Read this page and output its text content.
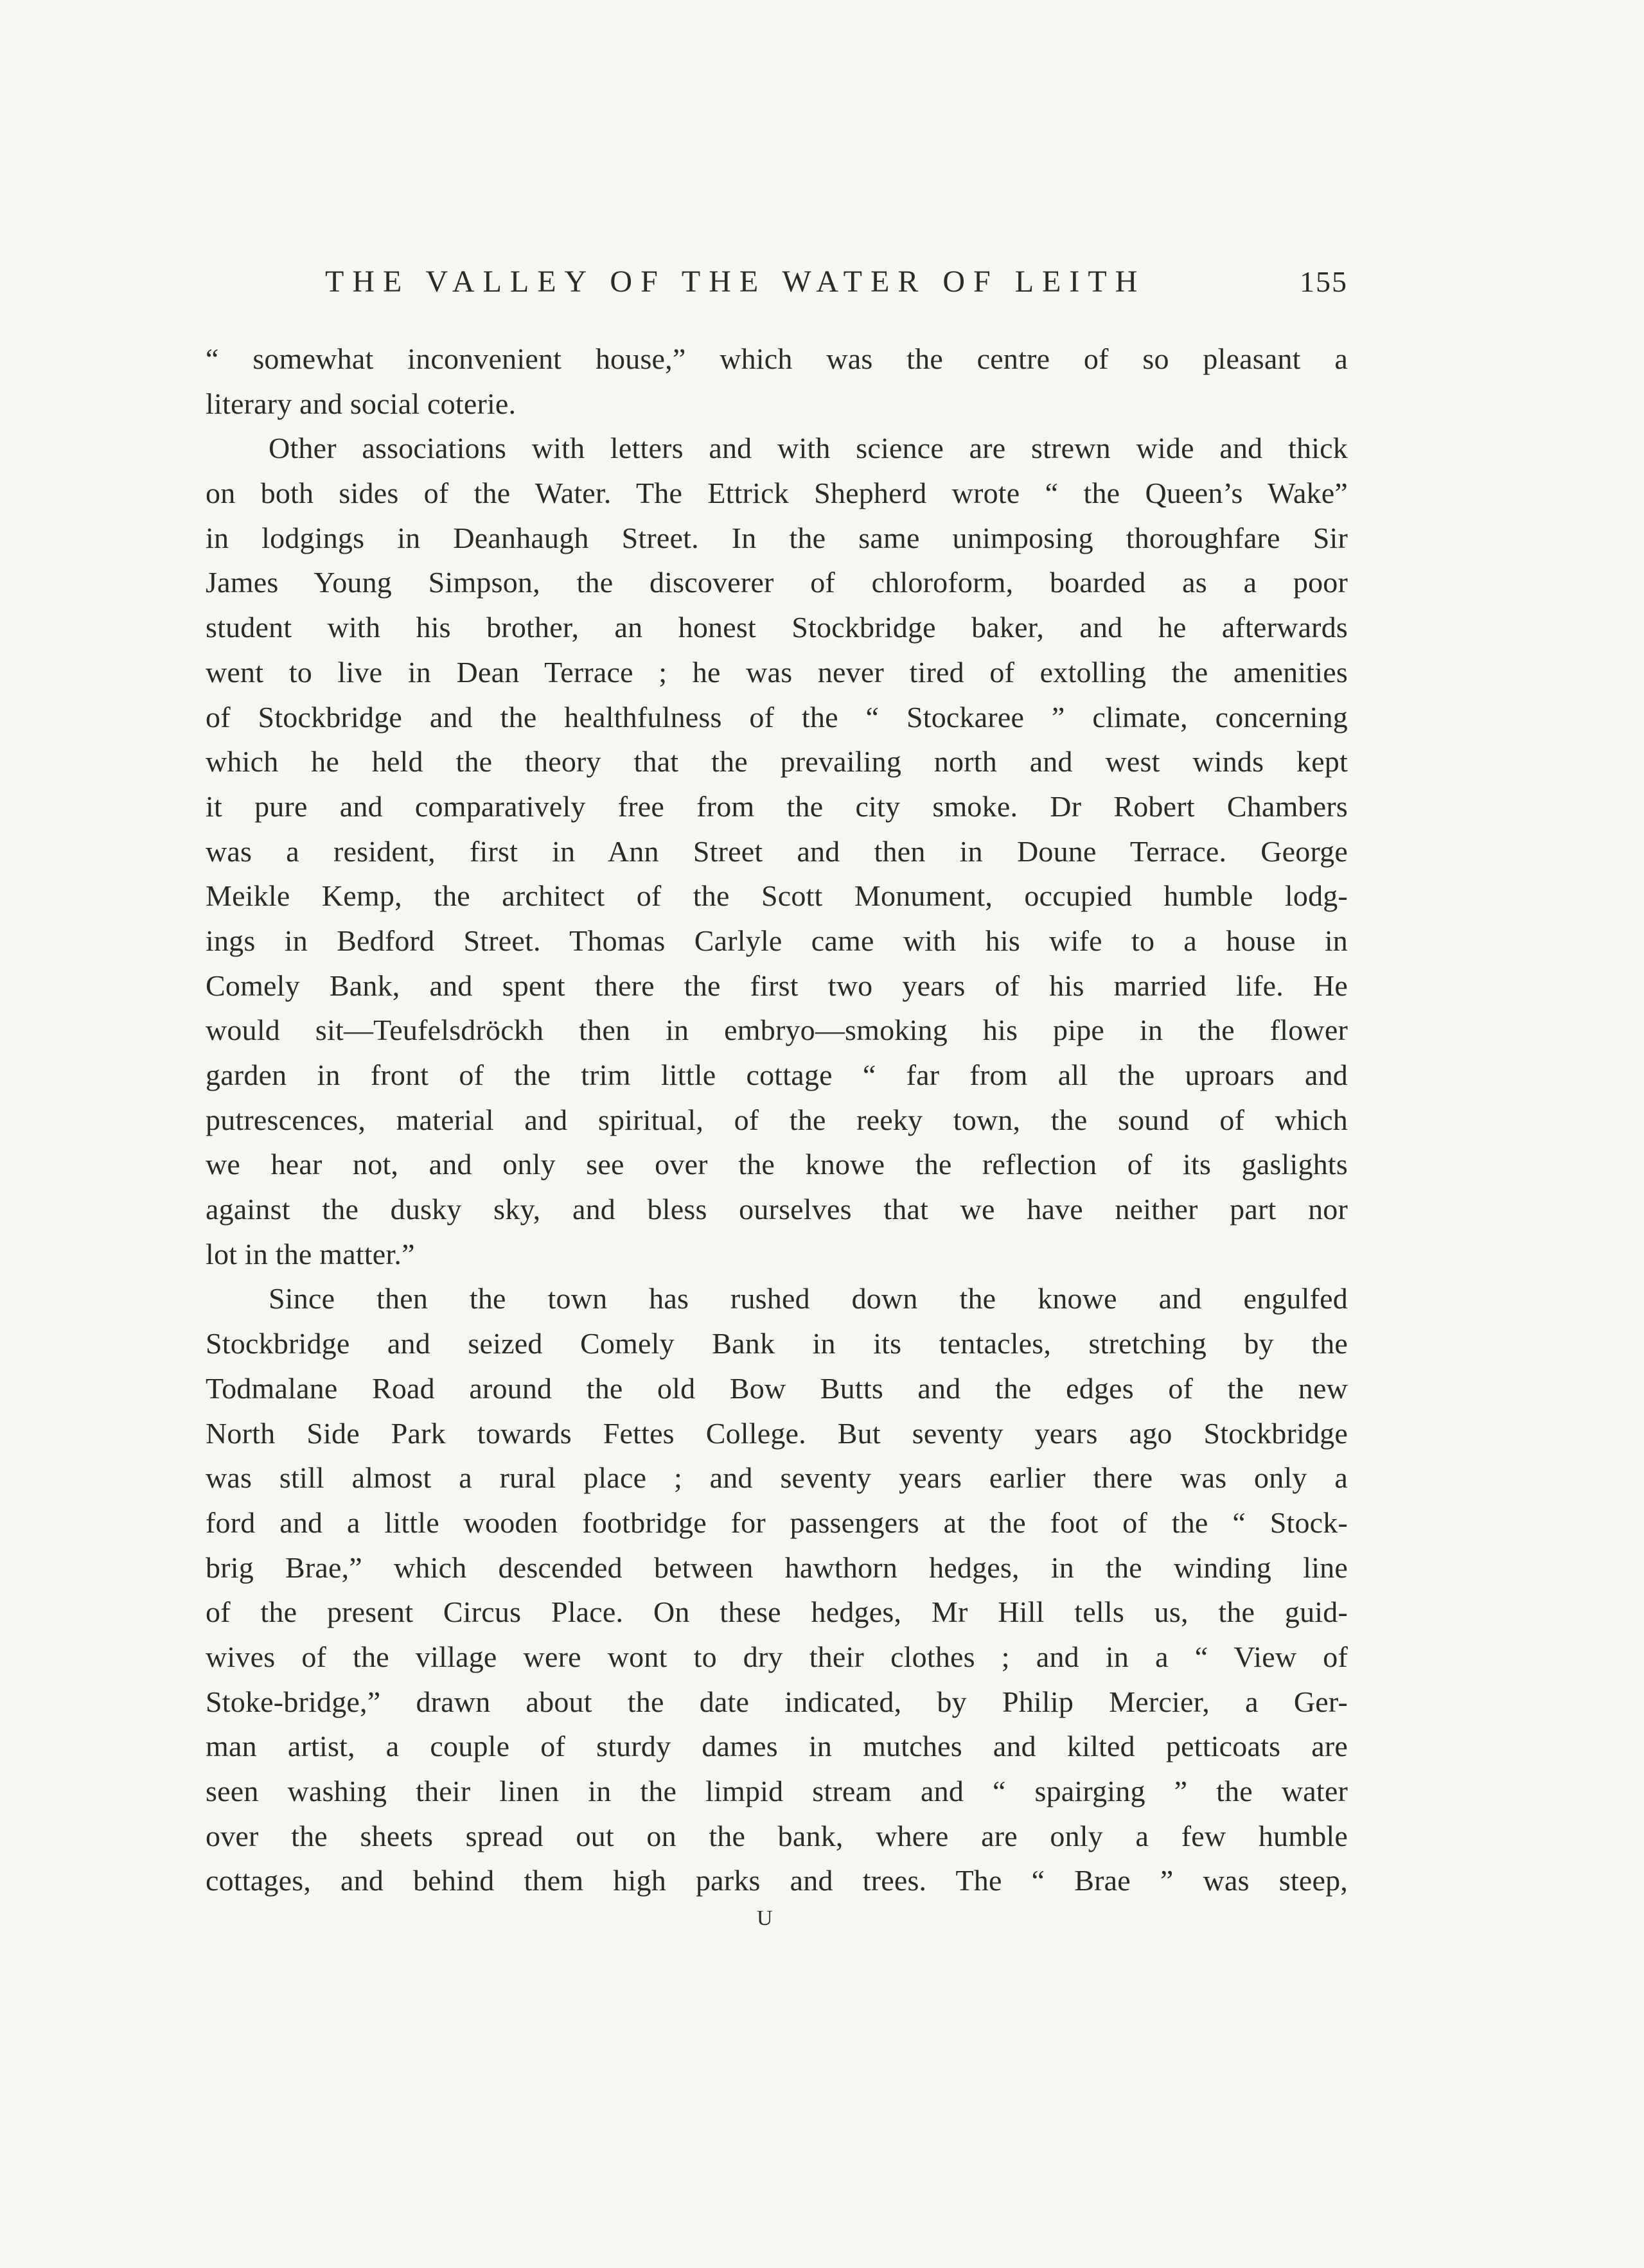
THE VALLEY OF THE WATER OF LEITH	155
“ somewhat inconvenient house,” which was the centre of so pleasant a
literary and social coterie.
Other associations with letters and with science are strewn wide and thick
on both sides of the Water. The Ettrick Shepherd wrote “ the Queen’s Wake”
in lodgings in Deanhaugh Street. In the same unimposing thoroughfare Sir
James Young Simpson, the discoverer of chloroform, boarded as a poor
student with his brother, an honest Stockbridge baker, and he afterwards
went to live in Dean Terrace ; he was never tired of extolling the amenities
of Stockbridge and the healthfulness of the “ Stockaree ” climate, concerning
which he held the theory that the prevailing north and west winds kept
it pure and comparatively free from the city smoke. Dr Robert Chambers
was a resident, first in Ann Street and then in Doune Terrace. George
Meikle Kemp, the architect of the Scott Monument, occupied humble lodg-
ings in Bedford Street. Thomas Carlyle came with his wife to a house in
Comely Bank, and spent there the first two years of his married life. He
would sit—Teufelsdröckh then in embryo—smoking his pipe in the flower
garden in front of the trim little cottage “ far from all the uproars and
putrescences, material and spiritual, of the reeky town, the sound of which
we hear not, and only see over the knowe the reflection of its gaslights
against the dusky sky, and bless ourselves that we have neither part nor
lot in the matter.”
Since then the town has rushed down the knowe and engulfed
Stockbridge and seized Comely Bank in its tentacles, stretching by the
Todmalane Road around the old Bow Butts and the edges of the new
North Side Park towards Fettes College. But seventy years ago Stockbridge
was still almost a rural place ; and seventy years earlier there was only a
ford and a little wooden footbridge for passengers at the foot of the “ Stock-
brig Brae,” which descended between hawthorn hedges, in the winding line
of the present Circus Place. On these hedges, Mr Hill tells us, the guid-
wives of the village were wont to dry their clothes ; and in a “ View of
Stoke-bridge,” drawn about the date indicated, by Philip Mercier, a Ger-
man artist, a couple of sturdy dames in mutches and kilted petticoats are
seen washing their linen in the limpid stream and “ spairging ” the water
over the sheets spread out on the bank, where are only a few humble
cottages, and behind them high parks and trees. The “ Brae ” was steep,
U
